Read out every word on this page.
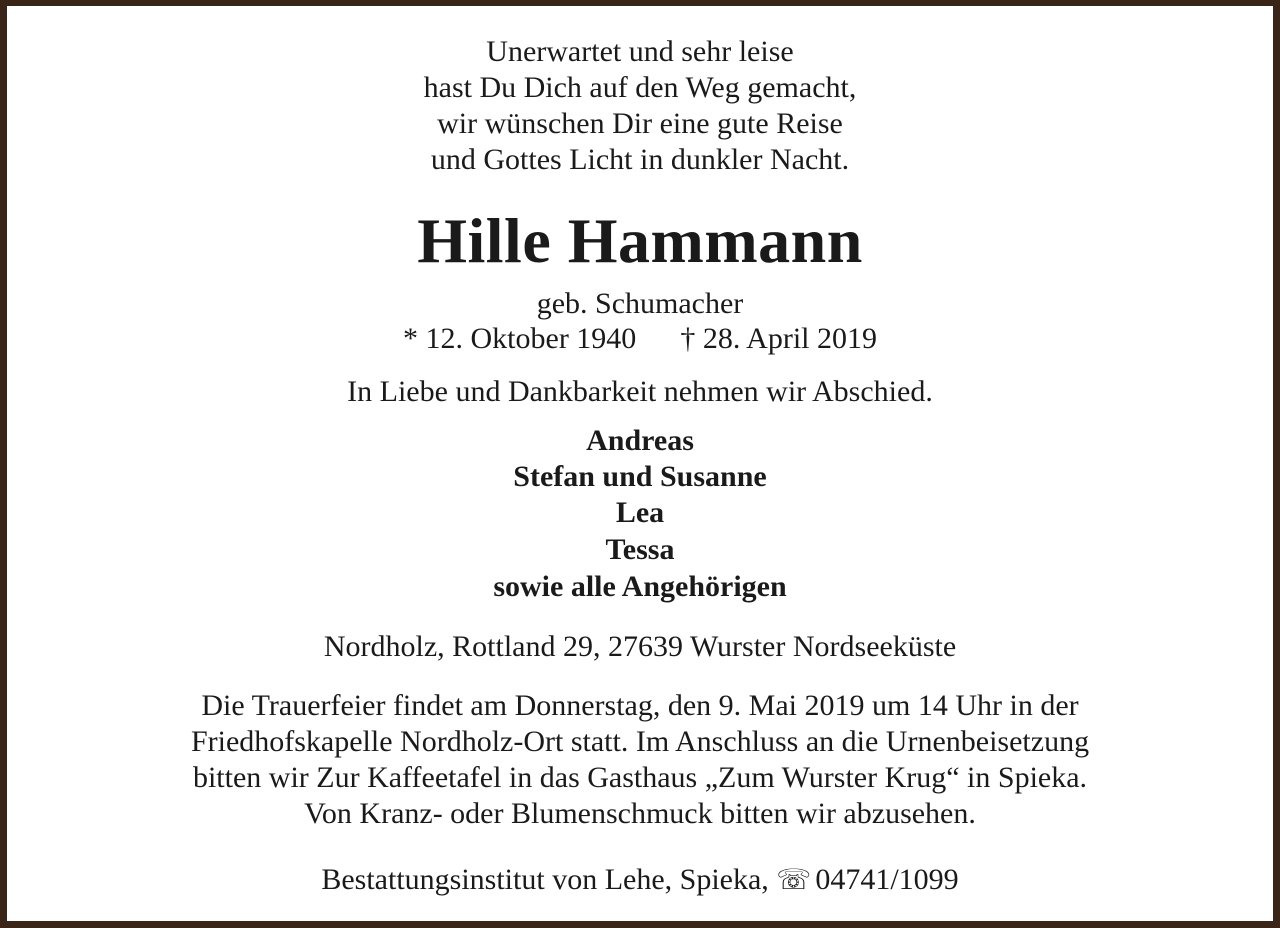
Unerwartet und sehr leise
hast Du Dich auf den Weg gemacht,
wir wünschen Dir eine gute Reise
und Gottes Licht in dunkler Nacht.
Hille Hammann
geb. Schumacher
* 12. Oktober 1940 † 28. April 2019
In Liebe und Dankbarkeit nehmen wir Abschied.
Andreas
Stefan und Susanne
Lea
Tessa
sowie alle Angehörigen
Nordholz, Rottland 29, 27639 Wurster Nordseeküste
Die Trauerfeier findet am Donnerstag, den 9. Mai 2019 um 14 Uhr in der
Friedhofskapelle Nordholz-Ort statt. Im Anschluss an die Urnenbeisetzung
bitten wir Zur Kaffeetafel in das Gasthaus „Zum Wurster Krug“ in Spieka.
Von Kranz- oder Blumenschmuck bitten wir abzusehen.
Bestattungsinstitut von Lehe, Spieka, ☏ 04741/1099
